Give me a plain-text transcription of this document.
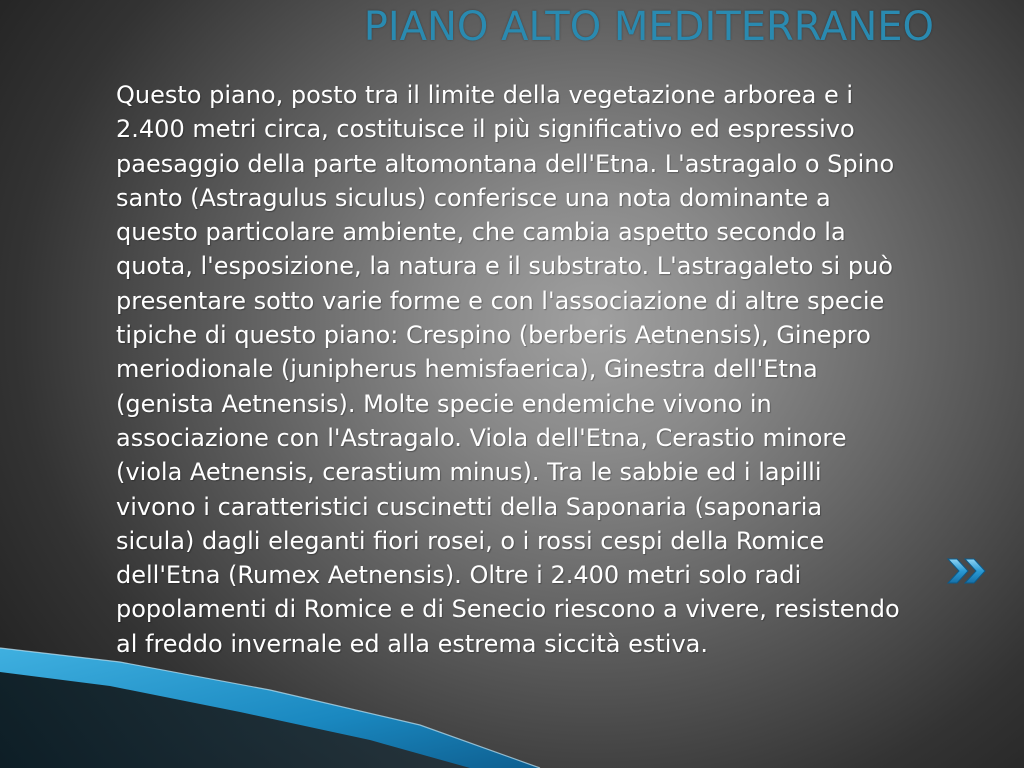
PIANO ALTO MEDITERRANEO

Questo piano, posto tra il limite della vegetazione arborea e i 2.400 metri circa, costituisce il più significativo ed espressivo paesaggio della parte altomontana dell'Etna. L'astragalo o Spino santo (Astragulus siculus) conferisce una nota dominante a questo particolare ambiente, che cambia aspetto secondo la quota, l'esposizione, la natura e il substrato. L'astragaleto si può presentare sotto varie forme e con l'associazione di altre specie tipiche di questo piano: Crespino (berberis Aetnensis), Ginepro meriodionale (junipherus hemisfaerica), Ginestra dell'Etna (genista Aetnensis). Molte specie endemiche vivono in associazione con l'Astragalo. Viola dell'Etna, Cerastio minore (viola Aetnensis, cerastium minus). Tra le sabbie ed i lapilli vivono i caratteristici cuscinetti della Saponaria (saponaria sicula) dagli eleganti fiori rosei, o i rossi cespi della Romice dell'Etna (Rumex Aetnensis). Oltre i 2.400 metri solo radi popolamenti di Romice e di Senecio riescono a vivere, resistendo al freddo invernale ed alla estrema siccità estiva.
